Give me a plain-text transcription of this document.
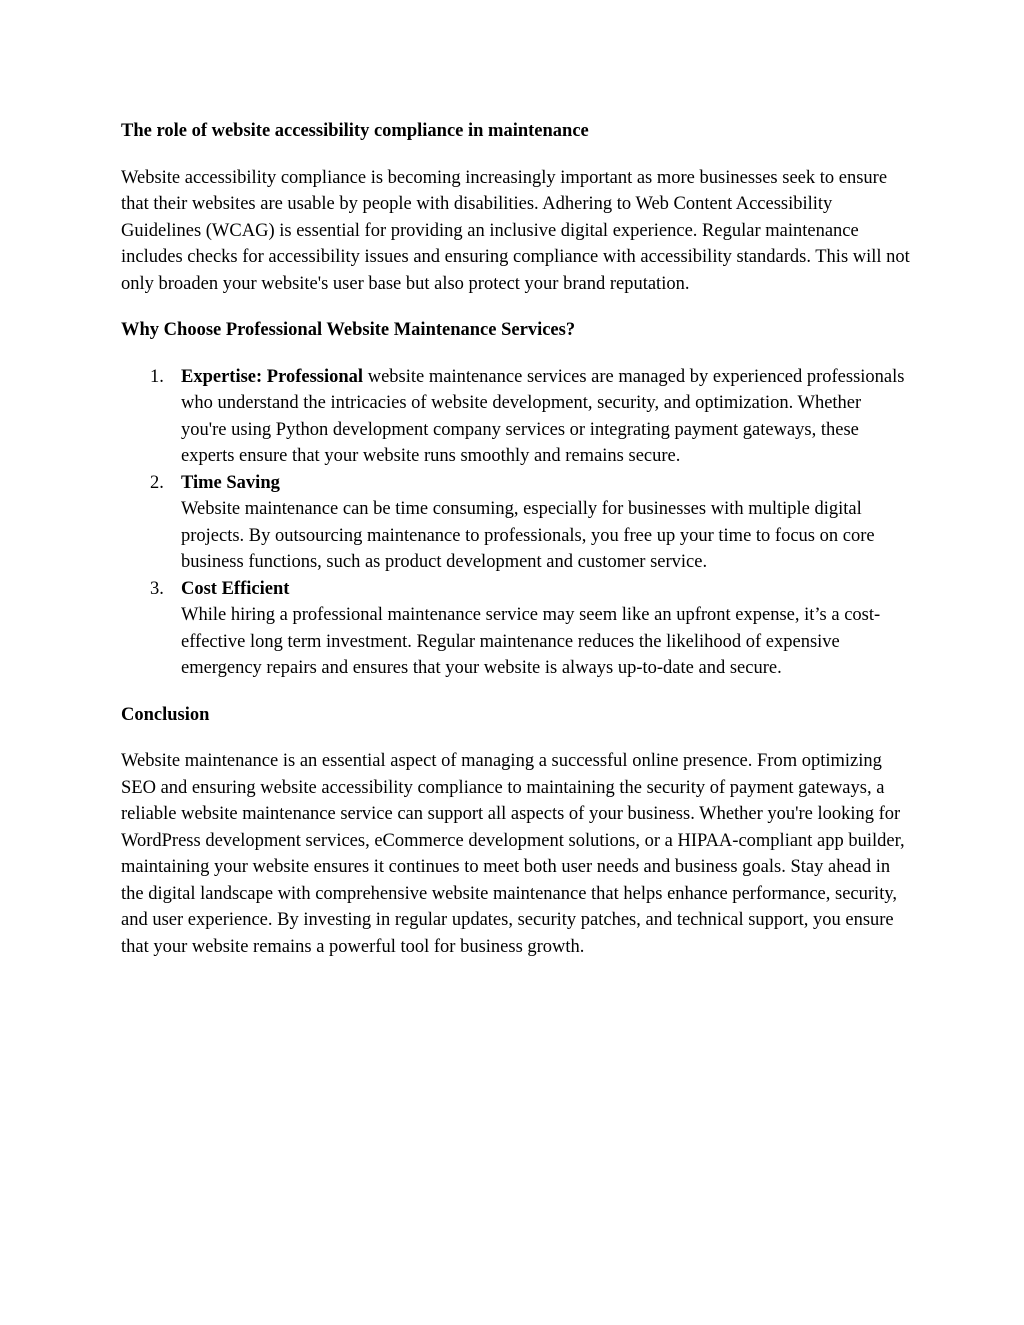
The role of website accessibility compliance in maintenance

Website accessibility compliance is becoming increasingly important as more businesses seek to ensure that their websites are usable by people with disabilities. Adhering to Web Content Accessibility Guidelines (WCAG) is essential for providing an inclusive digital experience. Regular maintenance includes checks for accessibility issues and ensuring compliance with accessibility standards. This will not only broaden your website's user base but also protect your brand reputation.

Why Choose Professional Website Maintenance Services?
1. Expertise: Professional website maintenance services are managed by experienced professionals who understand the intricacies of website development, security, and optimization. Whether you're using Python development company services or integrating payment gateways, these experts ensure that your website runs smoothly and remains secure.
2. Time Saving
Website maintenance can be time consuming, especially for businesses with multiple digital projects. By outsourcing maintenance to professionals, you free up your time to focus on core business functions, such as product development and customer service.
3. Cost Efficient
While hiring a professional maintenance service may seem like an upfront expense, it’s a cost-effective long term investment. Regular maintenance reduces the likelihood of expensive emergency repairs and ensures that your website is always up-to-date and secure.
Conclusion

Website maintenance is an essential aspect of managing a successful online presence. From optimizing SEO and ensuring website accessibility compliance to maintaining the security of payment gateways, a reliable website maintenance service can support all aspects of your business. Whether you're looking for WordPress development services, eCommerce development solutions, or a HIPAA-compliant app builder, maintaining your website ensures it continues to meet both user needs and business goals. Stay ahead in the digital landscape with comprehensive website maintenance that helps enhance performance, security, and user experience. By investing in regular updates, security patches, and technical support, you ensure that your website remains a powerful tool for business growth.
